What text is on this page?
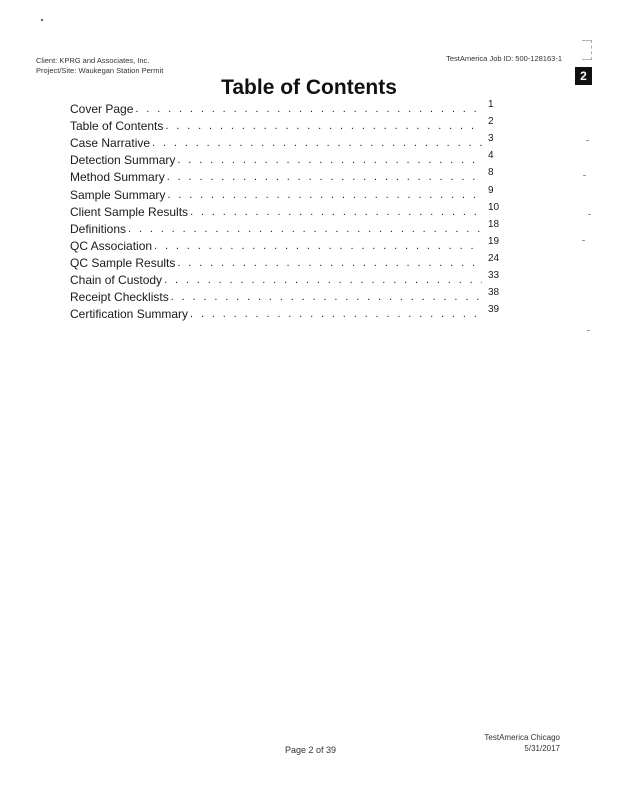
Client: KPRG and Associates, Inc.
Project/Site: Waukegan Station Permit
TestAmerica Job ID: 500-128163-1
2
Table of Contents
Cover Page . . .	1
Table of Contents . . .	2
Case Narrative . . .	3
Detection Summary . . .	4
Method Summary . . .	8
Sample Summary . . .	9
Client Sample Results . . .	10
Definitions . . .	18
QC Association . . .	19
QC Sample Results . . .	24
Chain of Custody . . .	33
Receipt Checklists . . .	38
Certification Summary . . .	39
Page 2 of 39
TestAmerica Chicago
5/31/2017
